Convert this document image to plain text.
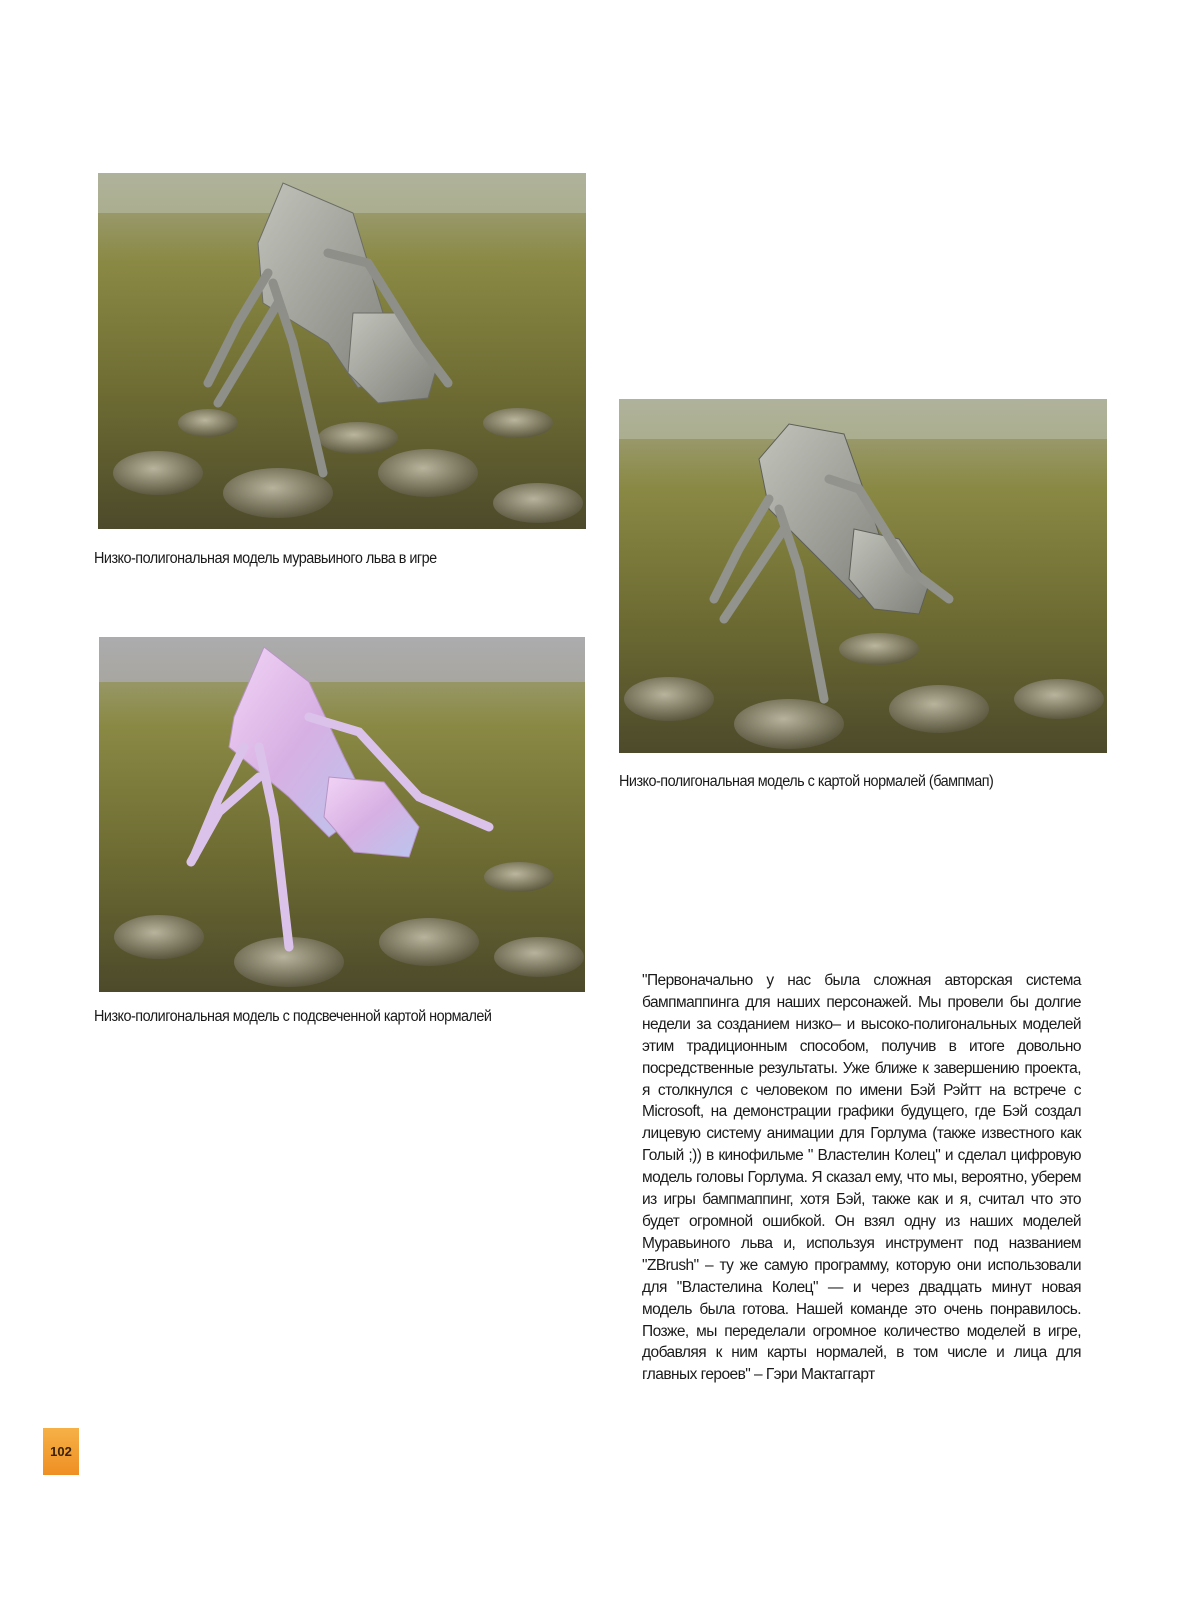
Низко-полигональная модель муравьиного льва в игре

Низко-полигональная модель с картой нормалей (бампмап)

Низко-полигональная модель с подсвеченной картой нормалей

"Первоначально у нас была сложная авторская система бампмаппинга для наших персонажей. Мы провели бы долгие недели за созданием низко– и высоко-полигональных моделей этим традиционным способом, получив в итоге довольно посредственные результаты. Уже ближе к завершению проекта, я столкнулся с человеком по имени Бэй Рэйтт на встрече с Microsoft, на демонстрации графики будущего, где Бэй создал лицевую систему анимации для Горлума (также известного как Голый ;)) в кинофильме " Властелин Колец" и сделал цифровую модель головы Горлума. Я сказал ему, что мы, вероятно, уберем из игры бампмаппинг, хотя Бэй, также как и я, считал что это будет огромной ошибкой. Он взял одну из наших моделей Муравьиного льва и, используя инструмент под названием "ZBrush" – ту же самую программу, которую они использовали для "Властелина Колец" — и через двадцать минут новая модель была готова. Нашей команде это очень понравилось. Позже, мы переделали огромное количество моделей в игре, добавляя к ним карты нормалей, в том числе и лица для главных героев" – Гэри Мактаггарт

102
